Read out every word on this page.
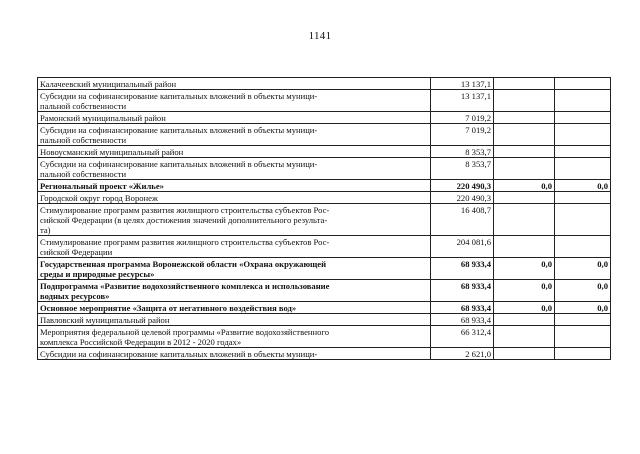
1141
Калачеевский муниципальный район	13 137,1		
Субсидии на софинансирование капитальных вложений в объекты муници-
пальной собственности	13 137,1		
Рамонский муниципальный район	7 019,2		
Субсидии на софинансирование капитальных вложений в объекты муници-
пальной собственности	7 019,2		
Новоусманский муниципальный район	8 353,7		
Субсидии на софинансирование капитальных вложений в объекты муници-
пальной собственности	8 353,7		
Региональный проект «Жилье»	220 490,3	0,0	0,0
Городской округ город Воронеж	220 490,3		
Стимулирование программ развития жилищного строительства субъектов Рос-
сийской Федерации (в целях достижения значений дополнительного результа-
та)	16 408,7		
Стимулирование программ развития жилищного строительства субъектов Рос-
сийской Федерации	204 081,6		
Государственная программа Воронежской области «Охрана окружающей
среды и природные ресурсы»	68 933,4	0,0	0,0
Подпрограмма «Развитие водохозяйственного комплекса и использование
водных ресурсов»	68 933,4	0,0	0,0
Основное мероприятие «Защита от негативного воздействия вод»	68 933,4	0,0	0,0
Павловский муниципальный район	68 933,4		
Мероприятия федеральной целевой программы «Развитие водохозяйственного
комплекса Российской Федерации в 2012 - 2020 годах»	66 312,4		
Субсидии на софинансирование капитальных вложений в объекты муници-	2 621,0		
